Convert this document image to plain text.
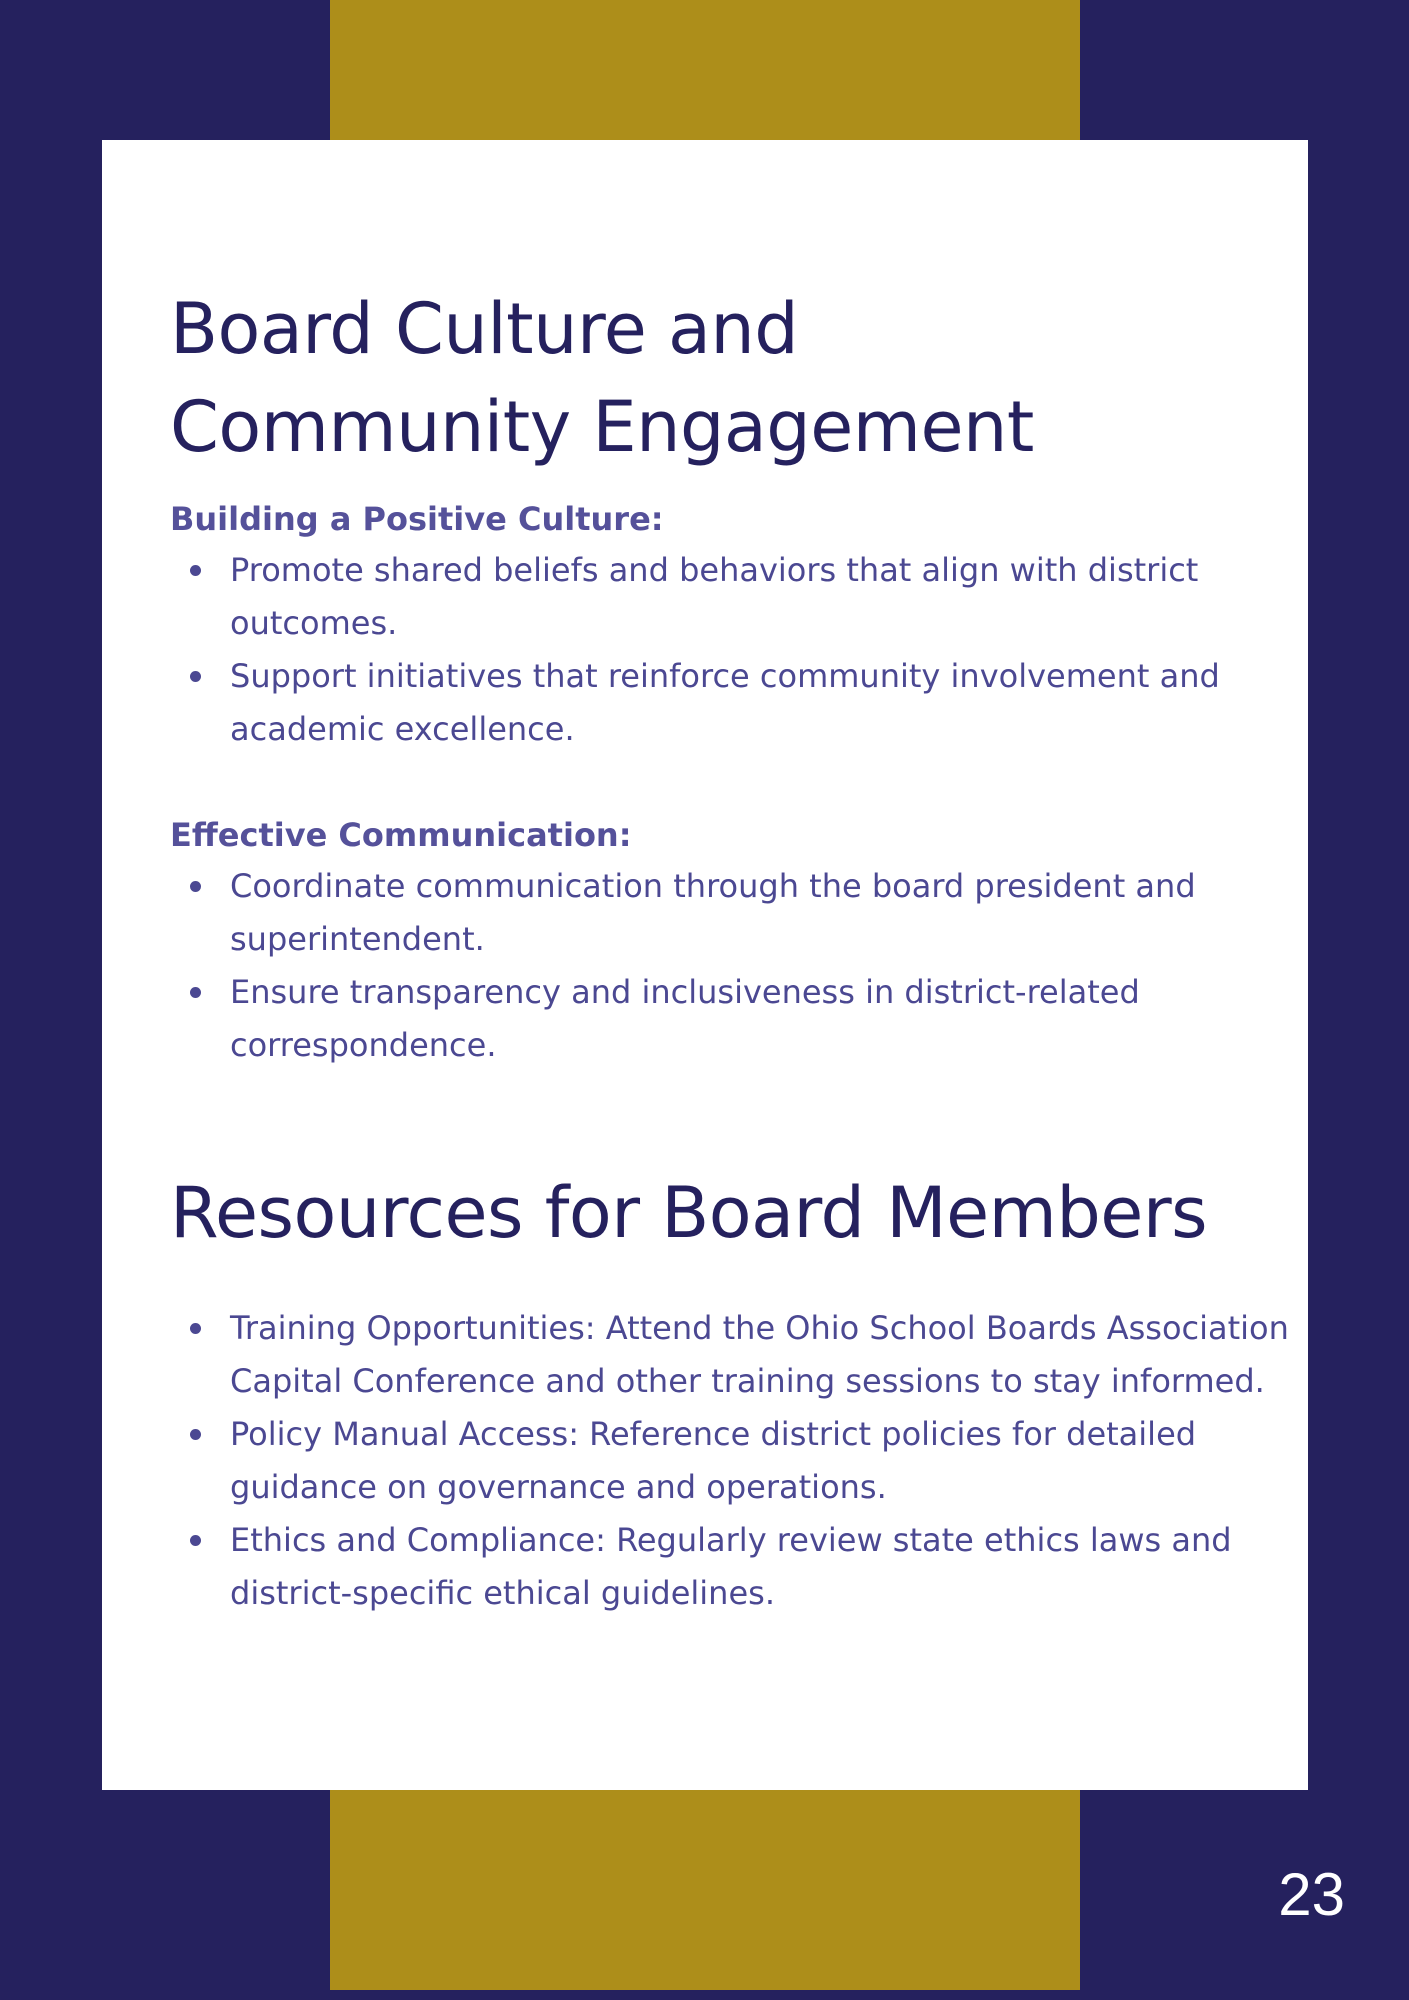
Board Culture and
Community Engagement

Building a Positive Culture:

Promote shared beliefs and behaviors that align with district outcomes.
Support initiatives that reinforce community involvement and academic excellence.

Effective Communication:

Coordinate communication through the board president and superintendent.
Ensure transparency and inclusiveness in district-related correspondence.
Resources for Board Members
Training Opportunities: Attend the Ohio School Boards Association Capital Conference and other training sessions to stay informed.
Policy Manual Access: Reference district policies for detailed guidance on governance and operations.
Ethics and Compliance: Regularly review state ethics laws and district-specific ethical guidelines.
23
